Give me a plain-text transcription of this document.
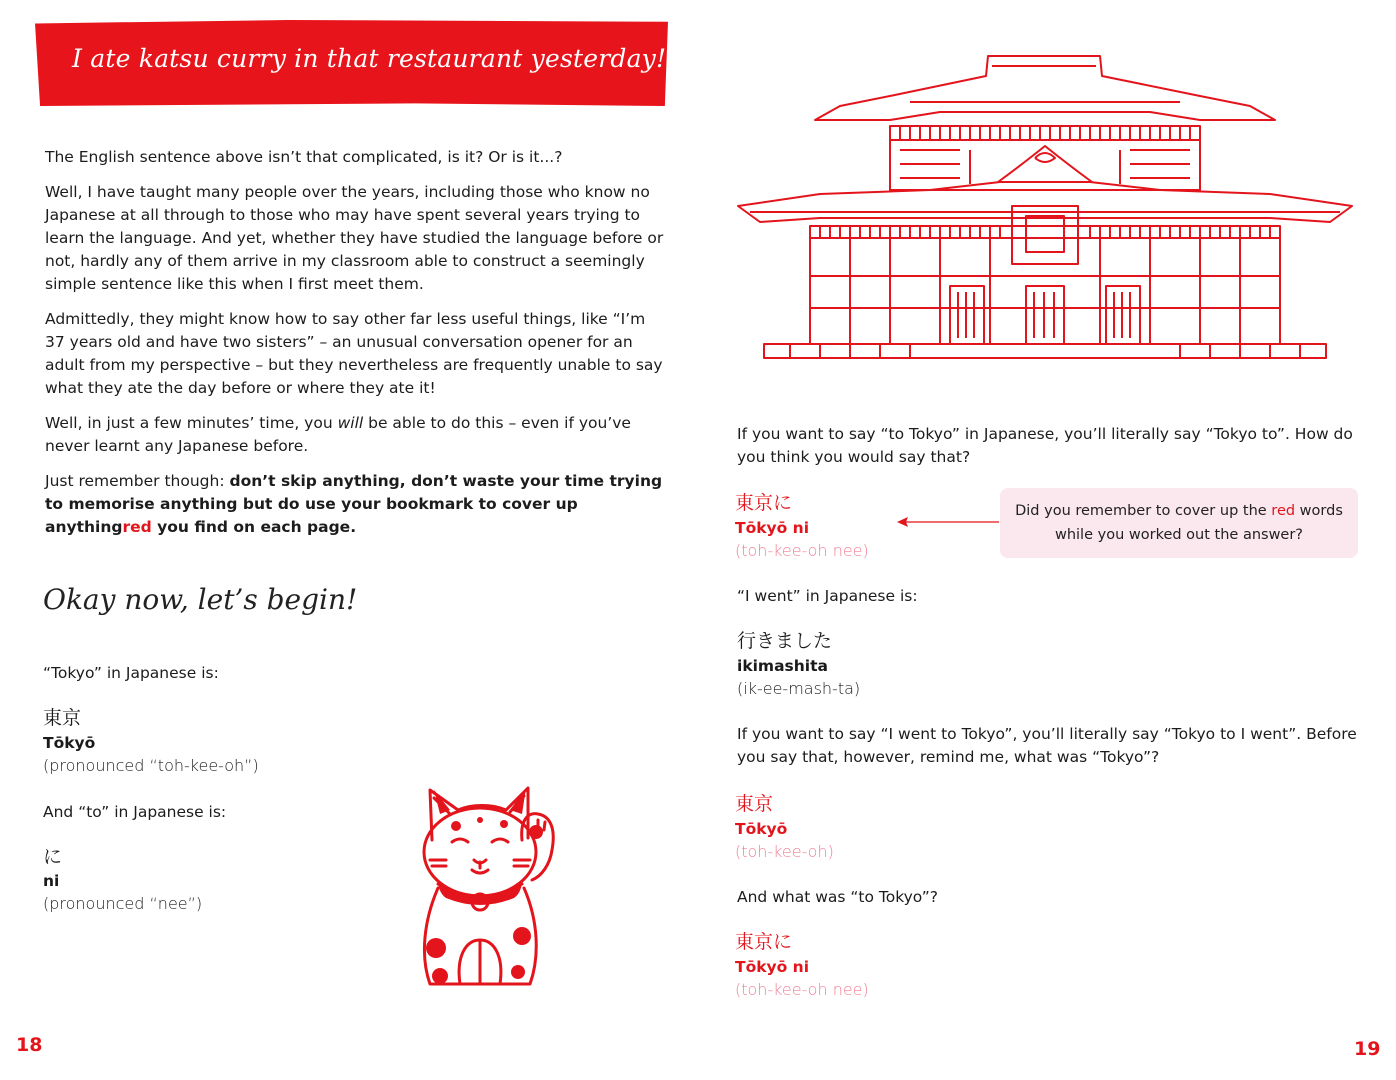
I ate katsu curry in that restaurant yesterday!

The English sentence above isn’t that complicated, is it? Or is it...?

Well, I have taught many people over the years, including those who know no Japanese at all through to those who may have spent several years trying to learn the language. And yet, whether they have studied the language before or not, hardly any of them arrive in my classroom able to construct a seemingly simple sentence like this when I first meet them.

Admittedly, they might know how to say other far less useful things, like “I’m 37 years old and have two sisters” – an unusual conversation opener for an adult from my perspective – but they nevertheless are frequently unable to say what they ate the day before or where they ate it!

Well, in just a few minutes’ time, you will be able to do this – even if you’ve never learnt any Japanese before.

Just remember though: don’t skip anything, don’t waste your time trying to memorise anything but do use your bookmark to cover up anythingred you find on each page.

Okay now, let’s begin!
“Tokyo” in Japanese is:
東京
Tōkyō
(pronounced “toh-kee-oh”)
And “to” in Japanese is:
に
ni
(pronounced “nee”)
18
If you want to say “to Tokyo” in Japanese, you’ll literally say “Tokyo to”. How do you think you would say that?
東京に
Tōkyō ni
(toh-kee-oh nee)
Did you remember to cover up the red words while you worked out the answer?
“I went” in Japanese is:
行きました
ikimashita
(ik-ee-mash-ta)
If you want to say “I went to Tokyo”, you’ll literally say “Tokyo to I went”. Before you say that, however, remind me, what was “Tokyo”?
東京
Tōkyō
(toh-kee-oh)
And what was “to Tokyo”?
東京に
Tōkyō ni
(toh-kee-oh nee)
19
